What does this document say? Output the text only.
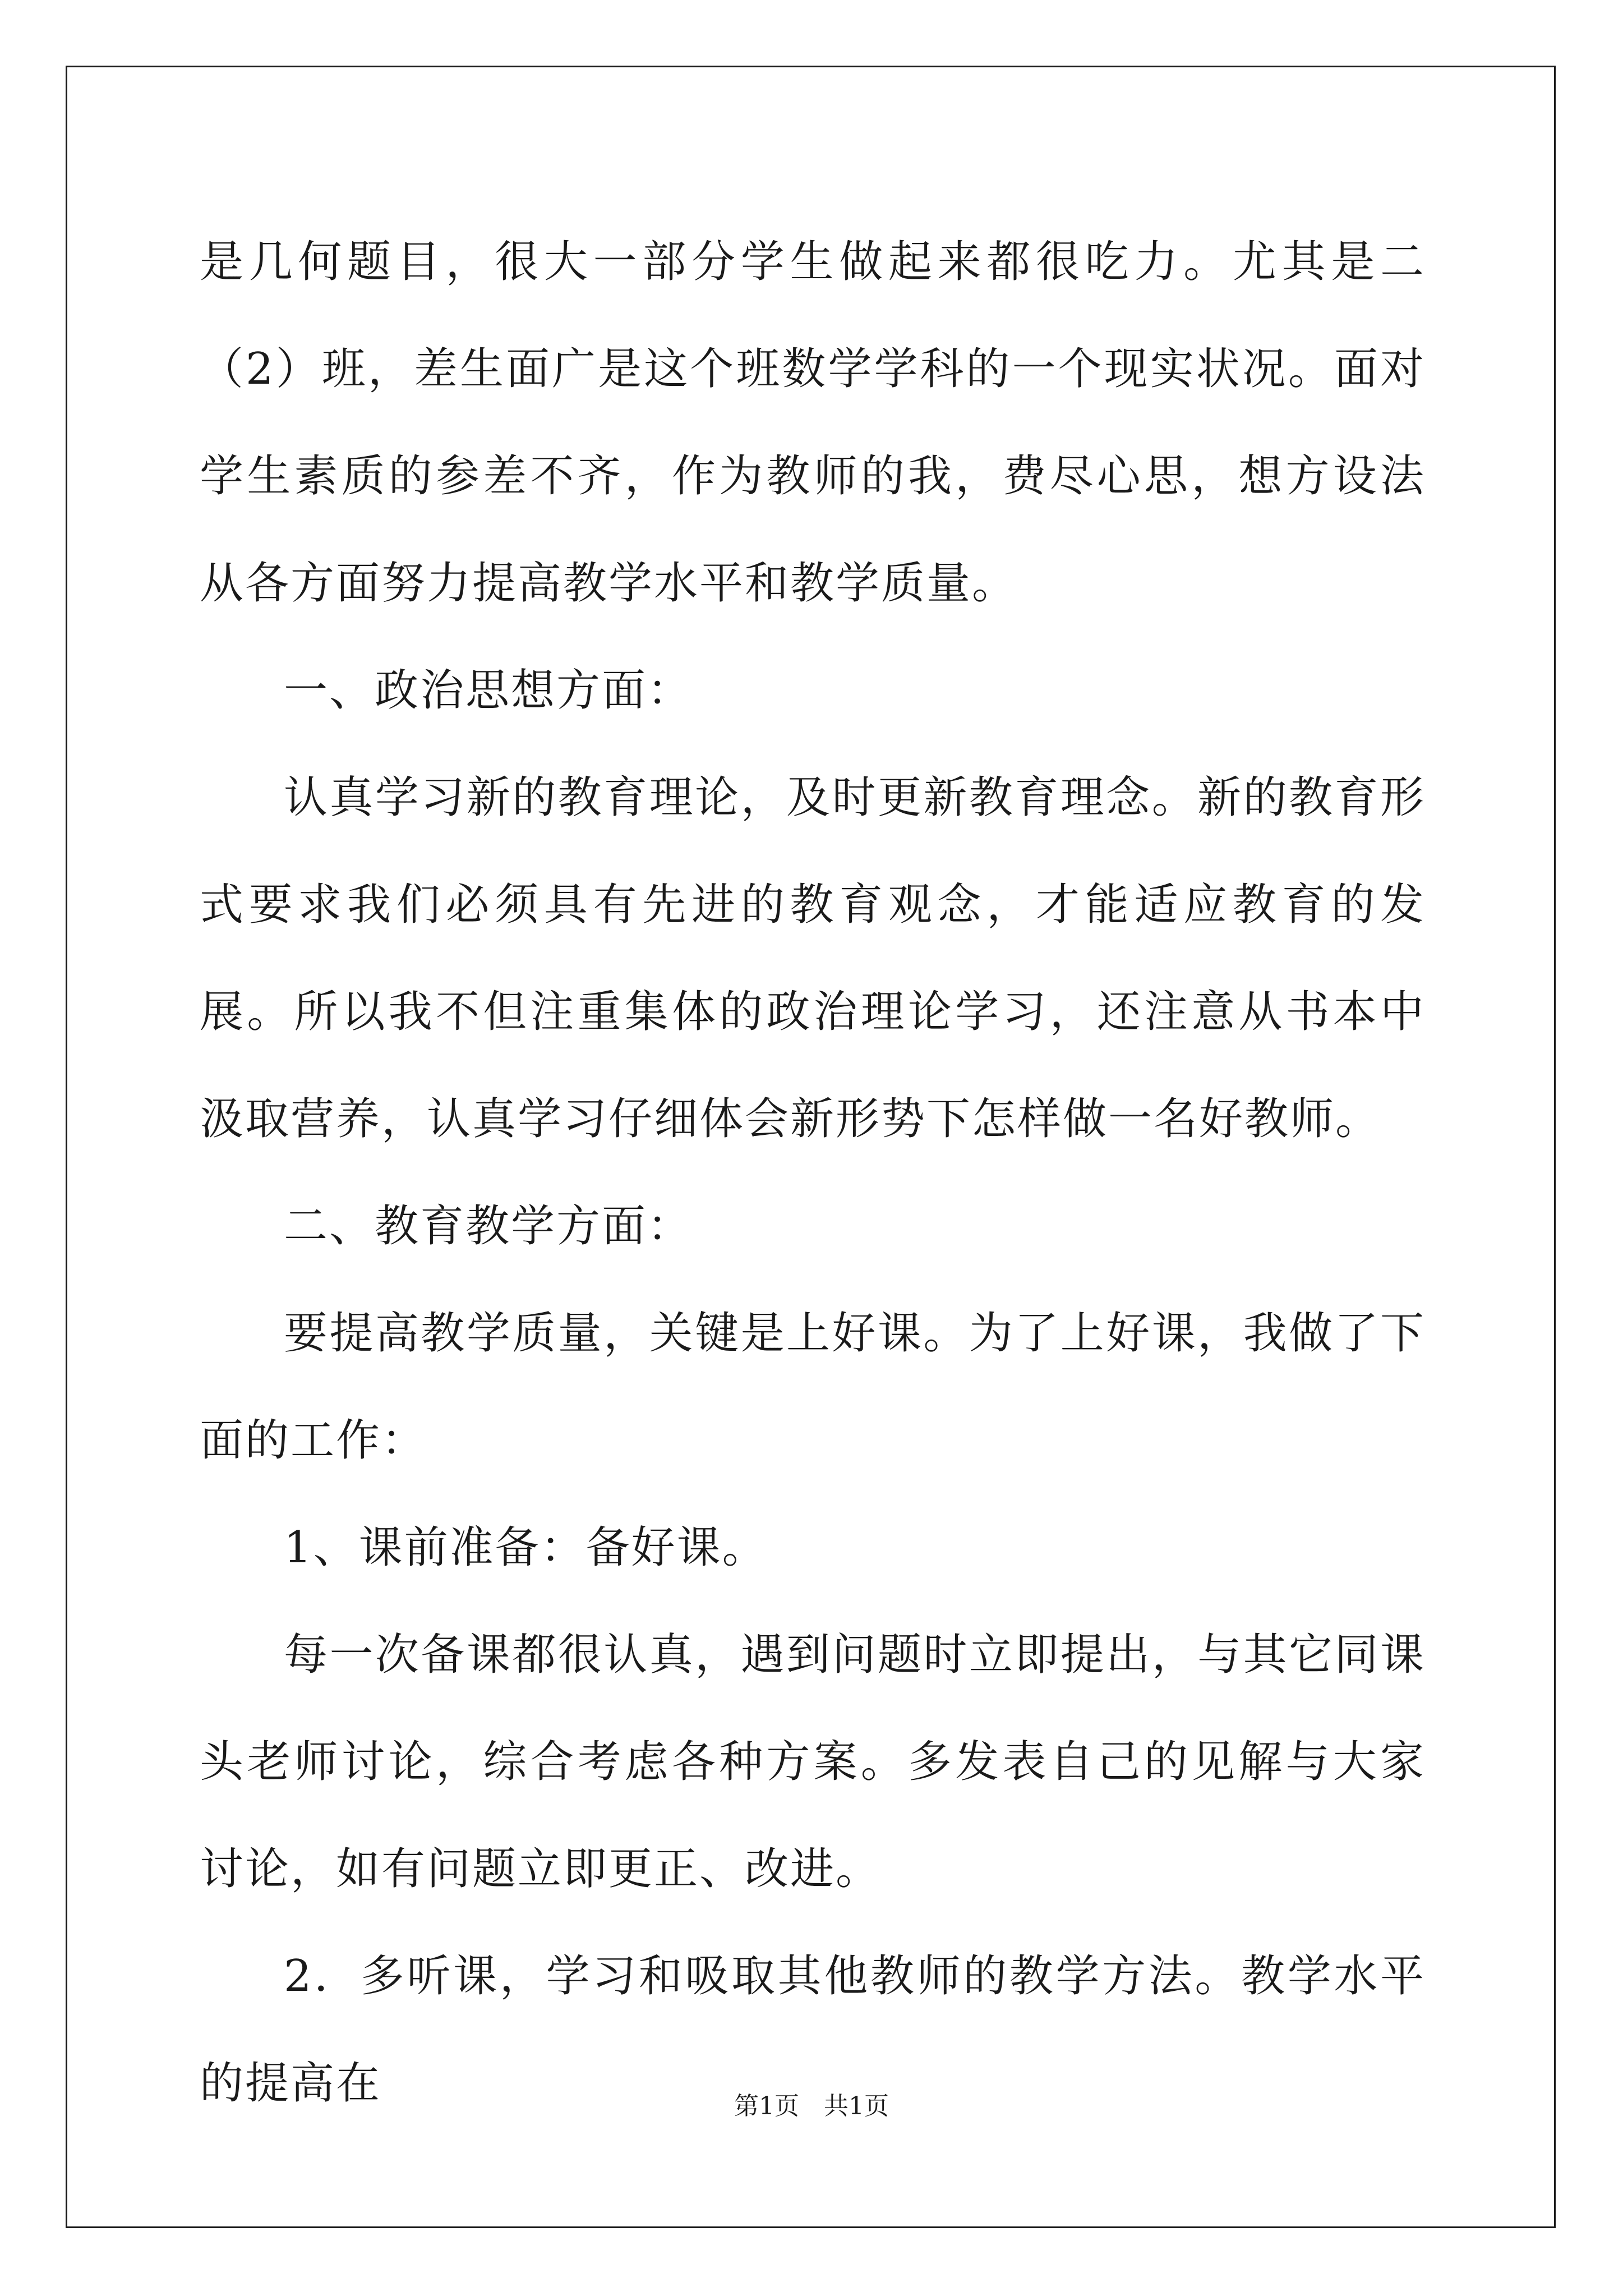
是几何题目，很大一部分学生做起来都很吃力。尤其是二（2）班，差生面广是这个班数学学科的一个现实状况。面对学生素质的参差不齐，作为教师的我，费尽心思，想方设法从各方面努力提高教学水平和教学质量。

一、政治思想方面：

认真学习新的教育理论，及时更新教育理念。新的教育形式要求我们必须具有先进的教育观念，才能适应教育的发展。所以我不但注重集体的政治理论学习，还注意从书本中汲取营养，认真学习仔细体会新形势下怎样做一名好教师。

二、教育教学方面：

要提高教学质量，关键是上好课。为了上好课，我做了下面的工作：

1、课前准备：备好课。

每一次备课都很认真，遇到问题时立即提出，与其它同课头老师讨论，综合考虑各种方案。多发表自己的见解与大家讨论，如有问题立即更正、改进。

2．多听课，学习和吸取其他教师的教学方法。教学水平的提高在	第1页　共1页
